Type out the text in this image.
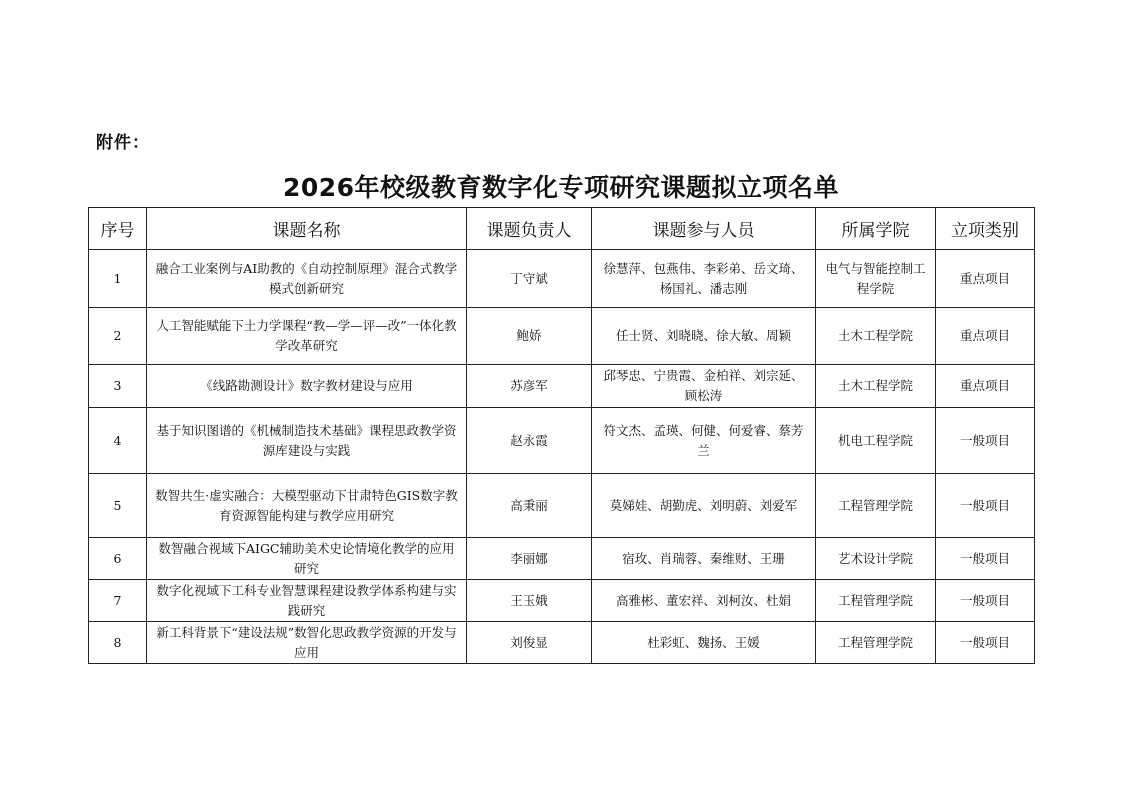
附件：
2026年校级教育数字化专项研究课题拟立项名单
序号	课题名称	课题负责人	课题参与人员	所属学院	立项类别
1	融合工业案例与AI助教的《自动控制原理》混合式教学模式创新研究	丁守斌	徐慧萍、包燕伟、李彩弟、岳文琦、杨国礼、潘志刚	电气与智能控制工程学院	重点项目
2	人工智能赋能下土力学课程“教—学—评—改”一体化教学改革研究	鲍娇	任士贤、刘晓晓、徐大敏、周颖	土木工程学院	重点项目
3	《线路勘测设计》数字教材建设与应用	苏彦军	邱琴忠、宁贵霞、金柏祥、刘宗延、顾松涛	土木工程学院	重点项目
4	基于知识图谱的《机械制造技术基础》课程思政教学资源库建设与实践	赵永霞	符文杰、孟瑛、何健、何爱睿、蔡芳兰	机电工程学院	一般项目
5	数智共生·虚实融合：大模型驱动下甘肃特色GIS数字教育资源智能构建与教学应用研究	高秉丽	莫娣娃、胡勤虎、刘明蔚、刘爱军	工程管理学院	一般项目
6	数智融合视域下AIGC辅助美术史论情境化教学的应用研究	李丽娜	宿玫、肖瑞蓉、秦维财、王珊	艺术设计学院	一般项目
7	数字化视域下工科专业智慧课程建设教学体系构建与实践研究	王玉娥	高雅彬、董宏祥、刘柯汝、杜娟	工程管理学院	一般项目
8	新工科背景下“建设法规”数智化思政教学资源的开发与应用	刘俊显	杜彩虹、魏扬、王媛	工程管理学院	一般项目
